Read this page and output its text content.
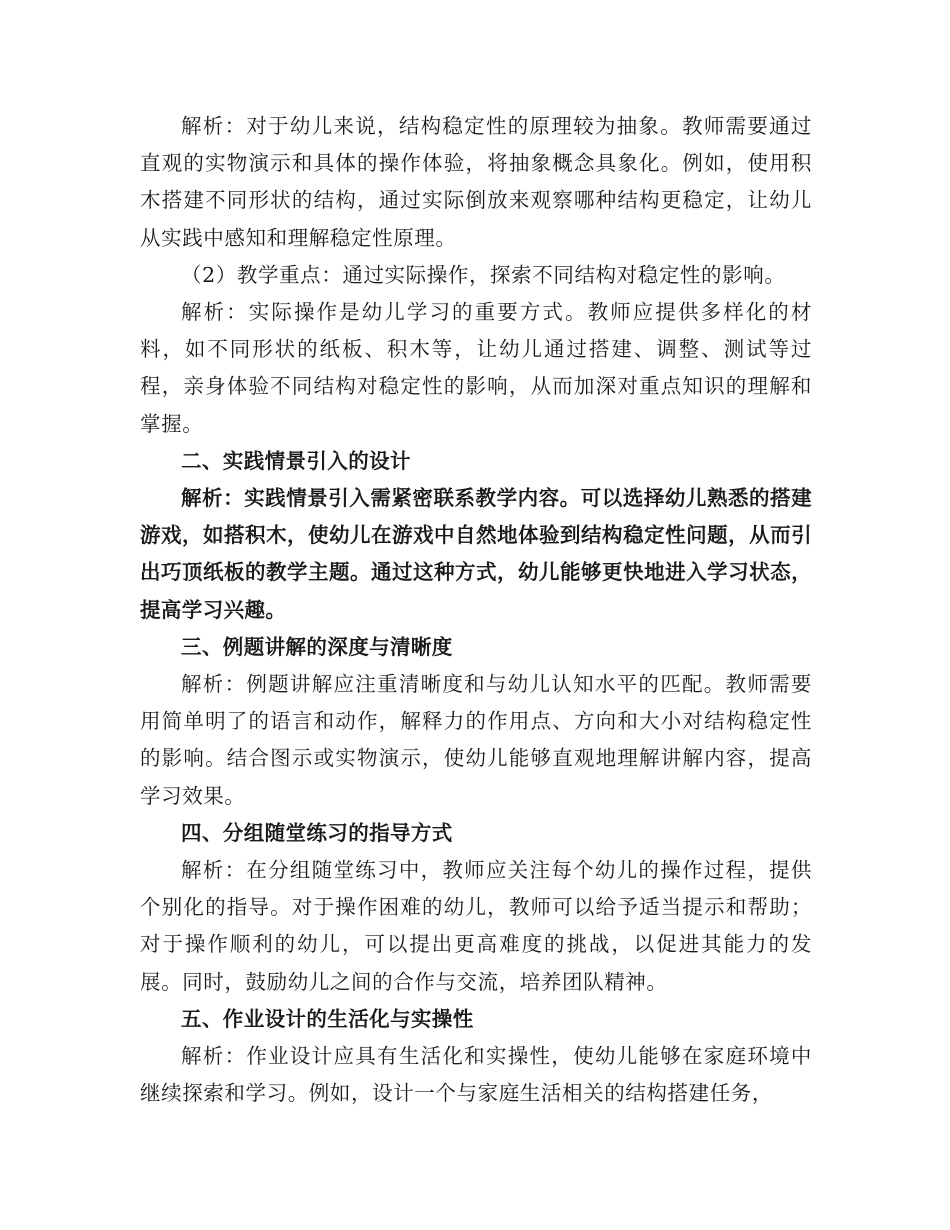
解析：对于幼儿来说，结构稳定性的原理较为抽象。教师需要通过直观的实物演示和具体的操作体验，将抽象概念具象化。例如，使用积木搭建不同形状的结构，通过实际倒放来观察哪种结构更稳定，让幼儿从实践中感知和理解稳定性原理。

（2）教学重点：通过实际操作，探索不同结构对稳定性的影响。

解析：实际操作是幼儿学习的重要方式。教师应提供多样化的材料，如不同形状的纸板、积木等，让幼儿通过搭建、调整、测试等过程，亲身体验不同结构对稳定性的影响，从而加深对重点知识的理解和掌握。

二、实践情景引入的设计

解析：实践情景引入需紧密联系教学内容。可以选择幼儿熟悉的搭建游戏，如搭积木，使幼儿在游戏中自然地体验到结构稳定性问题，从而引出巧顶纸板的教学主题。通过这种方式，幼儿能够更快地进入学习状态，提高学习兴趣。

三、例题讲解的深度与清晰度

解析：例题讲解应注重清晰度和与幼儿认知水平的匹配。教师需要用简单明了的语言和动作，解释力的作用点、方向和大小对结构稳定性的影响。结合图示或实物演示，使幼儿能够直观地理解讲解内容，提高学习效果。

四、分组随堂练习的指导方式

解析：在分组随堂练习中，教师应关注每个幼儿的操作过程，提供个别化的指导。对于操作困难的幼儿，教师可以给予适当提示和帮助；对于操作顺利的幼儿，可以提出更高难度的挑战，以促进其能力的发展。同时，鼓励幼儿之间的合作与交流，培养团队精神。

五、作业设计的生活化与实操性

解析：作业设计应具有生活化和实操性，使幼儿能够在家庭环境中继续探索和学习。例如，设计一个与家庭生活相关的结构搭建任务，
